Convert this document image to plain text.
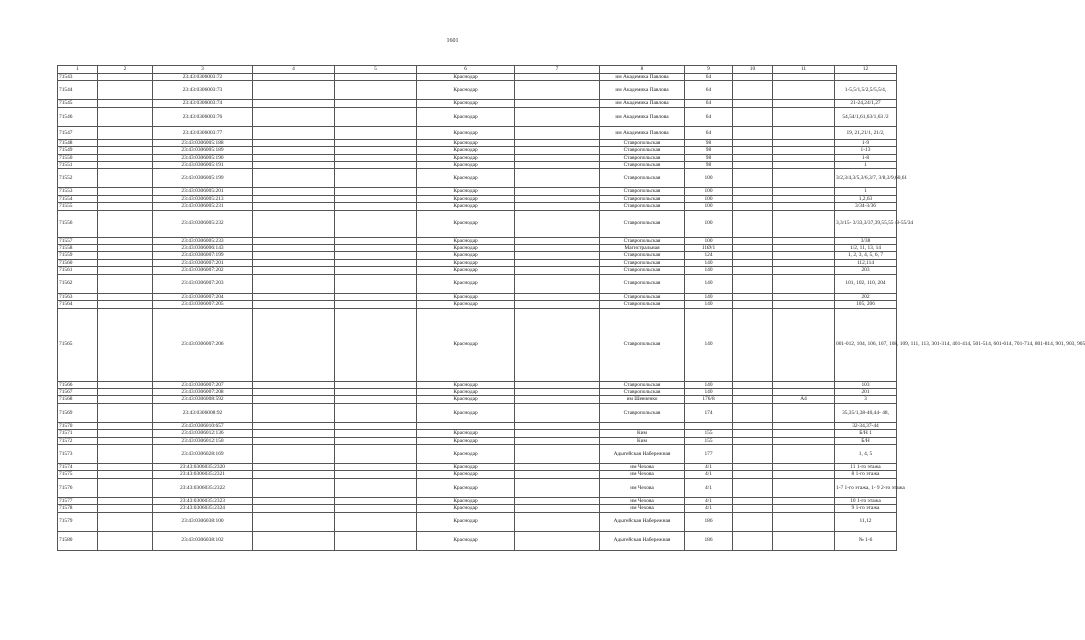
1601
1	2	3	4	5	6	7	8	9	10	11	12
71543		23:43:0306003:72			Краснодар		им Академика Павлова	64			
71544		23:43:0306003:73			Краснодар		им Академика Павлова	64			1-5,5/1,5/2,5/5,5/4,
71545		23:43:0306003:74			Краснодар		им Академика Павлова	64			21-24,24/1,27
71546		23:43:0306003:76			Краснодар		им Академика Павлова	64			54,54/1,61,63/1,63 /2
71547		23:43:0306003:77			Краснодар		им Академика Павлова	64			19, 21,21/1, 21/2,
71548		23:43:0306005:188			Краснодар		Ставропольская	98			1-9
71549		23:43:0306005:189			Краснодар		Ставропольская	98			1-13
71550		23:43:0306005:190			Краснодар		Ставропольская	98			1-8
71551		23:43:0306005:191			Краснодар		Ставропольская	98			1
71552		23:43:0306005:199			Краснодар		Ставропольская	100			3/2,3/4,3/5,3/6,3/7, 3/8,3/9,60,61
71553		23:43:0306005:201			Краснодар		Ставропольская	100			1
71554		23:43:0306005:213			Краснодар		Ставропольская	100			1,2,63
71555		23:43:0306005:231			Краснодар		Ставропольская	100			3/34-3/36
71556		23:43:0306005:232			Краснодар		Ставропольская	100			3,3/15- 3/33,3/37,39,55,55 /3-55/34
71557		23:43:0306005:233			Краснодар		Ставропольская	100			3/38
71558		23:43:0306006:143			Краснодар		Магистральная	11Ø/1			1/2, 11, 13, 14
71559		23:43:0306007:199			Краснодар		Ставропольская	124			1, 2, 3, 4, 5, 6, 7
71560		23:43:0306007:201			Краснодар		Ставропольская	140			112,114
71561		23:43:0306007:202			Краснодар		Ставропольская	140			203
71562		23:43:0306007:203			Краснодар		Ставропольская	140			101, 102, 110, 204
71563		23:43:0306007:204			Краснодар		Ставропольская	140			202
71564		23:43:0306007:205			Краснодар		Ставропольская	140			105, 206
71565		23:43:0306007:206			Краснодар		Ставропольская	140			001-012, 104, 106, 107, 108, 109, 111, 113, 301-314, 401-414, 501-514, 601-614, 701-714, 801-814, 901, 903, 905
71566		23:43:0306007:207			Краснодар		Ставропольская	140			103
71567		23:43:0306007:208			Краснодар		Ставропольская	140			201
71568		23:43:0306008:592			Краснодар		им Шевченко	176/8		А4	3
71569		23:43:0306008:92			Краснодар		Ставропольская	174			35,35/1,38-40,44- 48,
71570		23:43:0306010:657									32-34,37-44
71571		23:43:0306012:136			Краснодар		Ким	155			Б/Н 1
71572		23:43:0306012:150			Краснодар		Ким	155			Б/Н
71573		23:43:0306028:169			Краснодар		Адыгейская Набережная	177			1, 4, 5
71574		23:43:0306035:2320			Краснодар		им Чехова	4/1			11 1-го этажа
71575		23:43:0306035:2321			Краснодар		им Чехова	4/1			8 1-го этажа
71576		23:43:0306035:2322			Краснодар		им Чехова	4/1			1-7 1-го этажа, 1- 9 2-го этажа
71577		23:43:0306035:2323			Краснодар		им Чехова	4/1			10 1-го этажа
71578		23:43:0306035:2324			Краснодар		им Чехова	4/1			9 1-го этажа
71579		23:43:0306038:100			Краснодар		Адыгейская Набережная	186			11,12
71580		23:43:0306038:102			Краснодар		Адыгейская Набережная	186			№ 1-6
